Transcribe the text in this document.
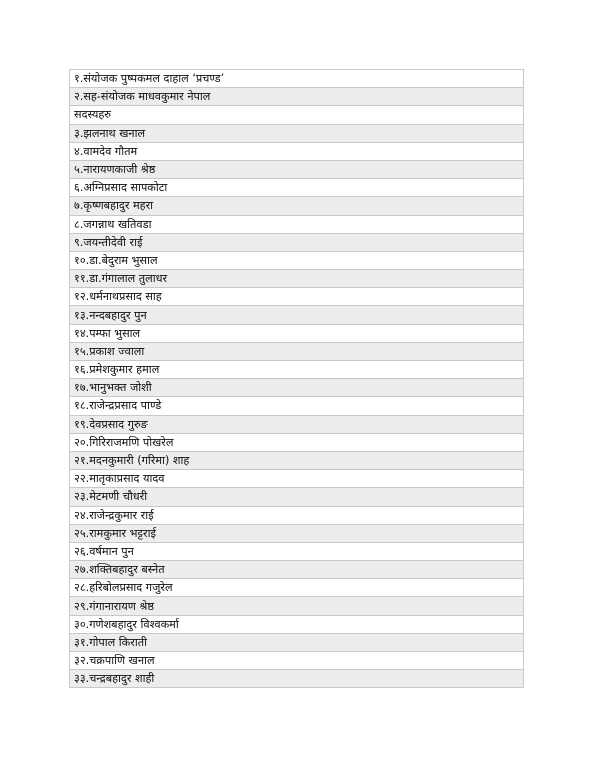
१.संयोजक पुष्पकमल दाहाल ‘प्रचण्ड’
२.सह-संयोजक माधवकुमार नेपाल
सदस्यहरु
३.झलनाथ खनाल
४.वामदेव गौतम
५.नारायणकाजी श्रेष्ठ
६.अग्निप्रसाद सापकोटा
७.कृष्णबहादुर महरा
८.जगन्नाथ खतिवडा
९.जयन्तीदेवी राई
१०.डा.बेदुराम भुसाल
११.डा.गंगालाल तुलाधर
१२.धर्मनाथप्रसाद साह
१३.नन्दबहादुर पुन
१४.पम्फा भुसाल
१५.प्रकाश ज्वाला
१६.प्रमेशकुमार हमाल
१७.भानुभक्त जोशी
१८.राजेन्द्रप्रसाद पाण्डे
१९.देवप्रसाद गुरुङ
२०.गिरिराजमणि पोखरेल
२१.मदनकुमारी (गरिमा) शाह
२२.मातृकाप्रसाद यादव
२३.मेटमणी चौधरी
२४.राजेन्द्रकुमार राई
२५.रामकुमार भट्टराई
२६.वर्षमान पुन
२७.शक्तिबहादुर बस्नेत
२८.हरिबोलप्रसाद गजुरेल
२९.गंगानारायण श्रेष्ठ
३०.गणेशबहादुर विश्वकर्मा
३१.गोपाल किराती
३२.चक्रपाणि खनाल
३३.चन्द्रबहादुर शाही
